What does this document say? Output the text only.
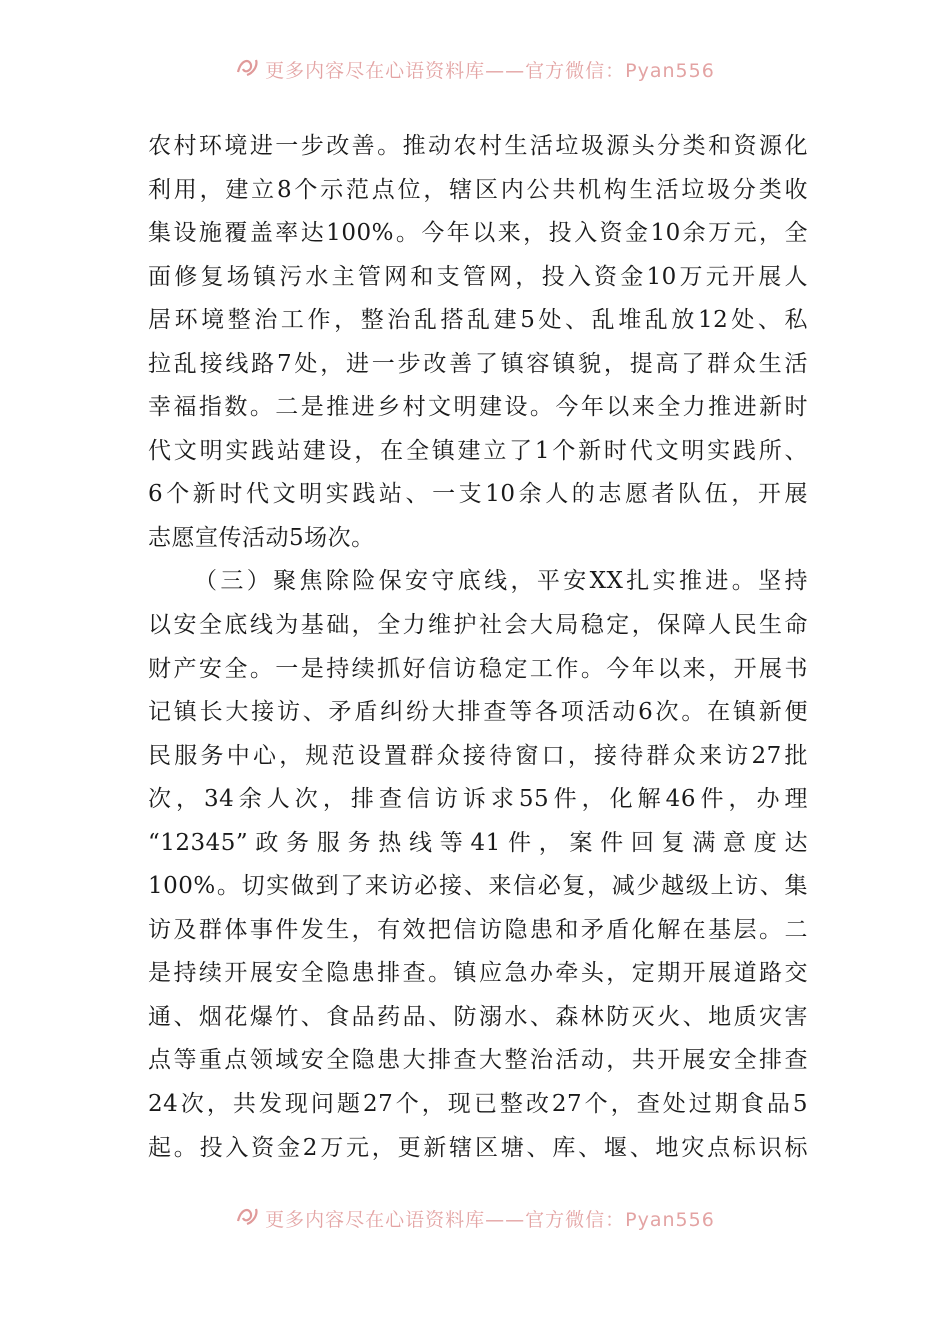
更多内容尽在心语资料库——官方微信：Pyan556
农村环境进一步改善。推动农村生活垃圾源头分类和资源化
利用，建立8个示范点位，辖区内公共机构生活垃圾分类收
集设施覆盖率达100%。今年以来，投入资金10余万元，全
面修复场镇污水主管网和支管网，投入资金10万元开展人
居环境整治工作，整治乱搭乱建5处、乱堆乱放12处、私
拉乱接线路7处，进一步改善了镇容镇貌，提高了群众生活
幸福指数。二是推进乡村文明建设。今年以来全力推进新时
代文明实践站建设，在全镇建立了1个新时代文明实践所、
6个新时代文明实践站、一支10余人的志愿者队伍，开展
志愿宣传活动5场次。
（三）聚焦除险保安守底线，平安XX扎实推进。坚持
以安全底线为基础，全力维护社会大局稳定，保障人民生命
财产安全。一是持续抓好信访稳定工作。今年以来，开展书
记镇长大接访、矛盾纠纷大排查等各项活动6次。在镇新便
民服务中心，规范设置群众接待窗口，接待群众来访27批
次，34余人次，排查信访诉求55件，化解46件，办理
“12345”政务服务热线等41件，案件回复满意度达
100%。切实做到了来访必接、来信必复，减少越级上访、集
访及群体事件发生，有效把信访隐患和矛盾化解在基层。二
是持续开展安全隐患排查。镇应急办牵头，定期开展道路交
通、烟花爆竹、食品药品、防溺水、森林防灭火、地质灾害
点等重点领域安全隐患大排查大整治活动，共开展安全排查
24次，共发现问题27个，现已整改27个，查处过期食品5
起。投入资金2万元，更新辖区塘、库、堰、地灾点标识标
更多内容尽在心语资料库——官方微信：Pyan556
